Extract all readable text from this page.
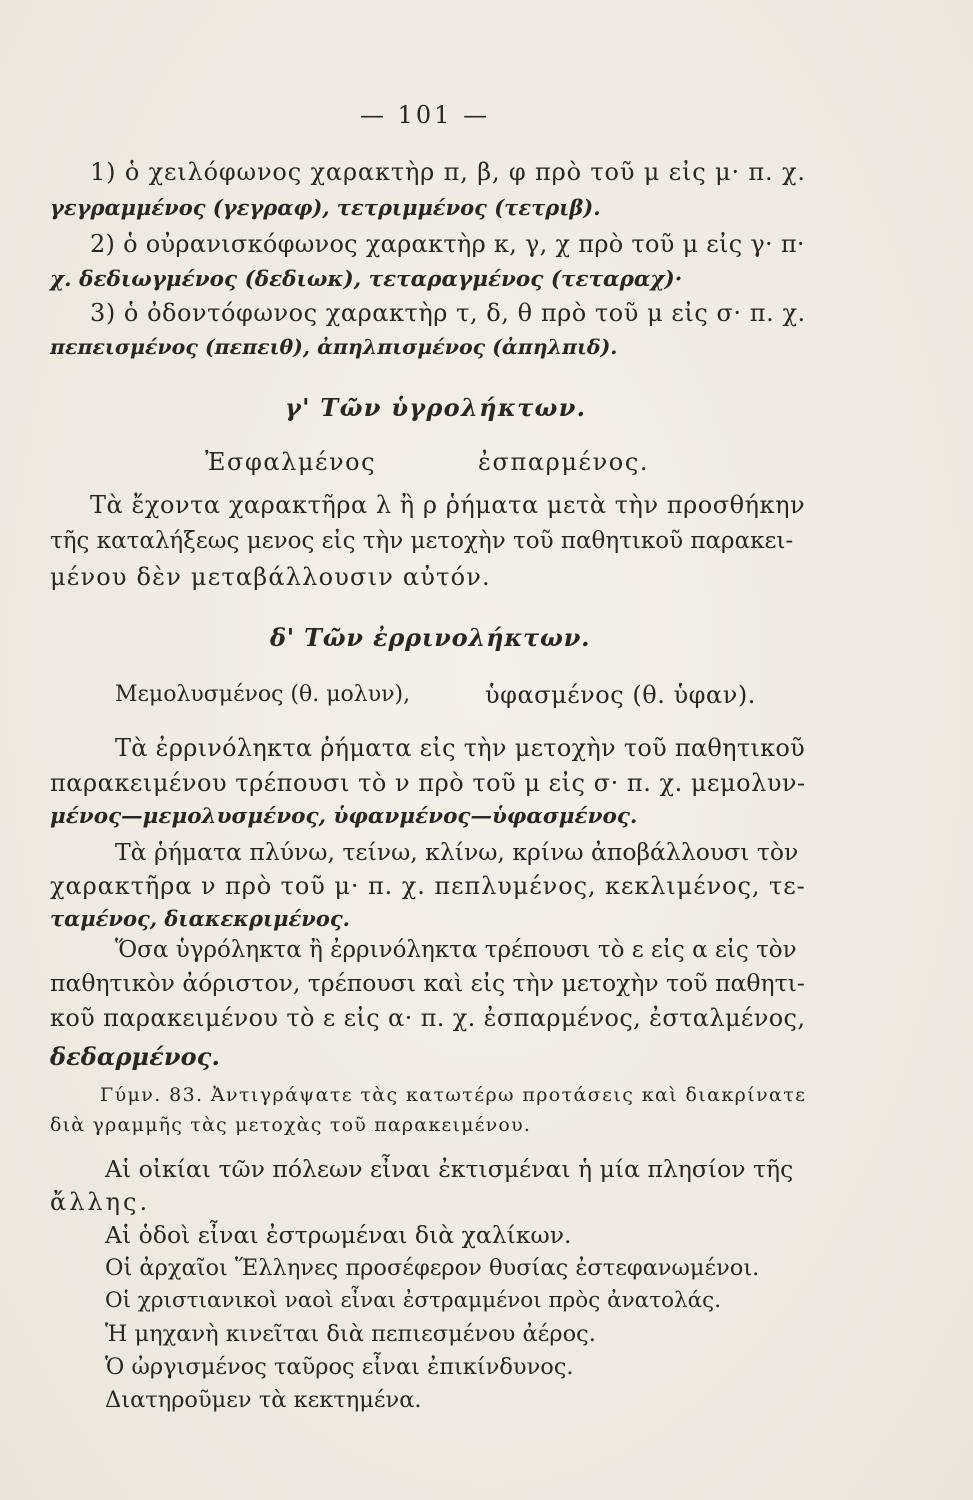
— 101 —
1) ὁ χειλόφωνος χαρακτὴρ π, β, φ πρὸ τοῦ μ εἰς μ· π. χ.
γεγραμμένος (γεγραφ), τετριμμένος (τετριβ).
2) ὁ οὐρανισκόφωνος χαρακτὴρ κ, γ, χ πρὸ τοῦ μ εἰς γ· π·
χ. δεδιωγμένος (δεδιωκ), τεταραγμένος (τεταραχ)·
3) ὁ ὀδοντόφωνος χαρακτὴρ τ, δ, θ πρὸ τοῦ μ εἰς σ· π. χ.
πεπεισμένος (πεπειθ), ἀπηλπισμένος (ἀπηλπιδ).
γ' Τῶν ὑγρολήκτων.
Ἐσφαλμένος	ἐσπαρμένος.
Τὰ ἔχοντα χαρακτῆρα λ ἢ ρ ῥήματα μετὰ τὴν προσθήκην
τῆς καταλήξεως μενος εἰς τὴν μετοχὴν τοῦ παθητικοῦ παρακει-
μένου δὲν μεταβάλλουσιν αὐτόν.
δ' Τῶν ἐρρινολήκτων.
Μεμολυσμένος (θ. μολυν),	ὑφασμένος (θ. ὑφαν).
Τὰ ἐρρινόληκτα ῥήματα εἰς τὴν μετοχὴν τοῦ παθητικοῦ
παρακειμένου τρέπουσι τὸ ν πρὸ τοῦ μ εἰς σ· π. χ. μεμολυν-
μένος—μεμολυσμένος, ὑφανμένος—ὑφασμένος.
Τὰ ῥήματα πλύνω, τείνω, κλίνω, κρίνω ἀποβάλλουσι τὸν
χαρακτῆρα ν πρὸ τοῦ μ· π. χ. πεπλυμένος, κεκλιμένος, τε-
ταμένος, διακεκριμένος.
Ὅσα ὑγρόληκτα ἢ ἐρρινόληκτα τρέπουσι τὸ ε εἰς α εἰς τὸν
παθητικὸν ἀόριστον, τρέπουσι καὶ εἰς τὴν μετοχὴν τοῦ παθητι-
κοῦ παρακειμένου τὸ ε εἰς α· π. χ. ἐσπαρμένος, ἐσταλμένος,
δεδαρμένος.
Γύμν. 83. Ἀντιγράψατε τὰς κατωτέρω προτάσεις καὶ διακρίνατε
διὰ γραμμῆς τὰς μετοχὰς τοῦ παρακειμένου.
Αἱ οἰκίαι τῶν πόλεων εἶναι ἐκτισμέναι ἡ μία πλησίον τῆς
ἄλλης.
Αἱ ὁδοὶ εἶναι ἐστρωμέναι διὰ χαλίκων.
Οἱ ἀρχαῖοι Ἕλληνες προσέφερον θυσίας ἐστεφανωμένοι.
Οἱ χριστιανικοὶ ναοὶ εἶναι ἐστραμμένοι πρὸς ἀνατολάς.
Ἡ μηχανὴ κινεῖται διὰ πεπιεσμένου ἀέρος.
Ὁ ὠργισμένος ταῦρος εἶναι ἐπικίνδυνος.
Διατηροῦμεν τὰ κεκτημένα.
